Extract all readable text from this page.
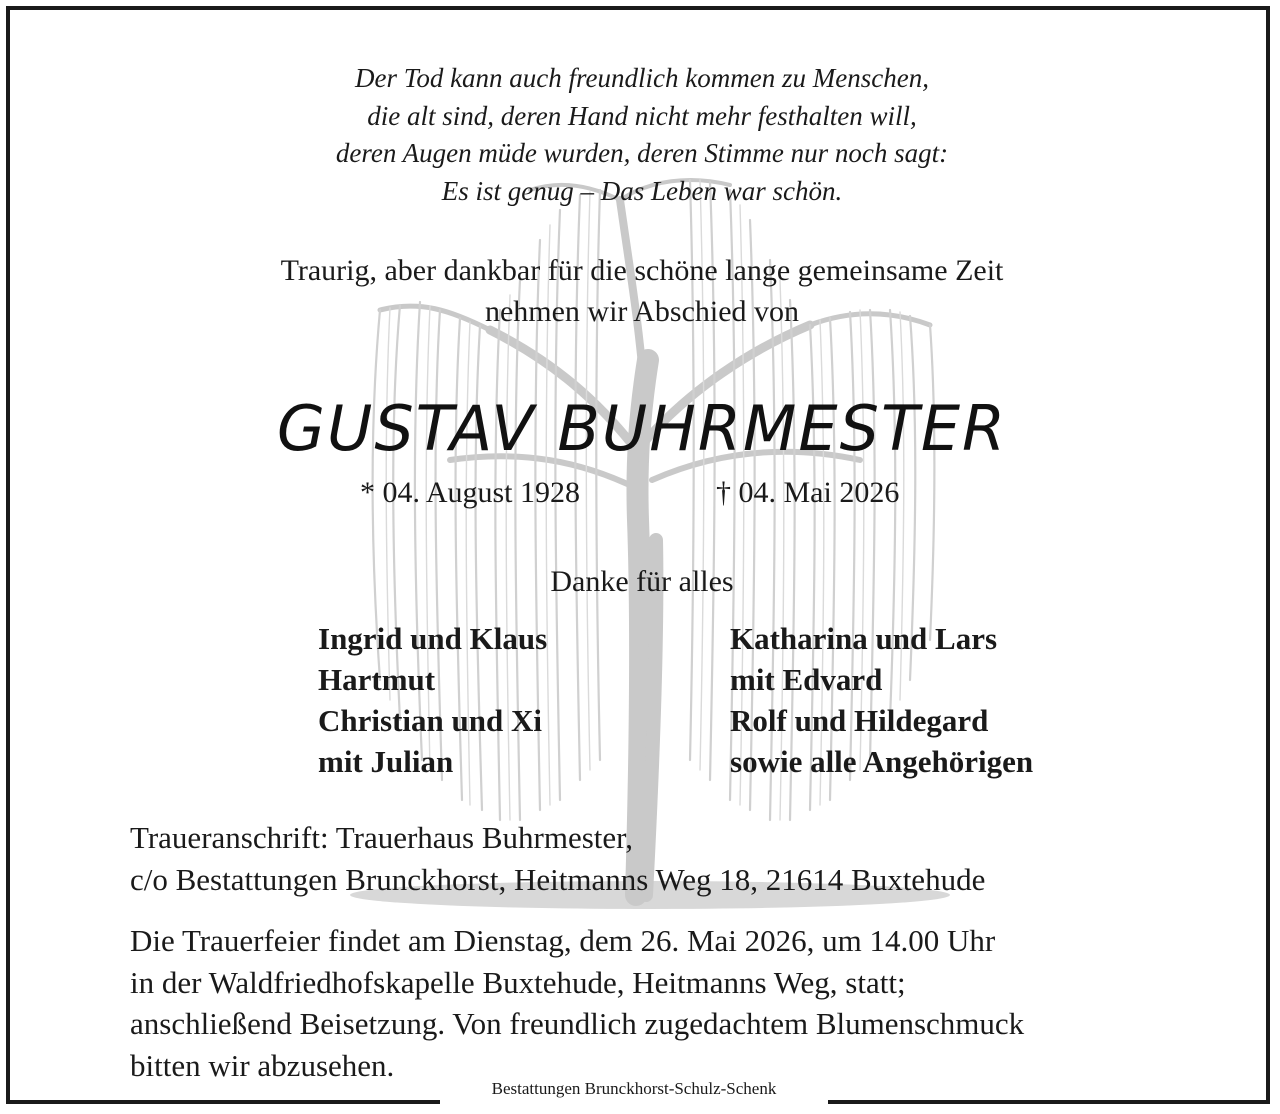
Der Tod kann auch freundlich kommen zu Menschen,
die alt sind, deren Hand nicht mehr festhalten will,
deren Augen müde wurden, deren Stimme nur noch sagt:
Es ist genug – Das Leben war schön.
Traurig, aber dankbar für die schöne lange gemeinsame Zeit
nehmen wir Abschied von
GUSTAV BUHRMESTER
* 04. August 1928	† 04. Mai 2026
Danke für alles
Ingrid und Klaus
Hartmut
Christian und Xi
mit Julian
Katharina und Lars
mit Edvard
Rolf und Hildegard
sowie alle Angehörigen
Traueranschrift: Trauerhaus Buhrmester,
c/o Bestattungen Brunckhorst, Heitmanns Weg 18, 21614 Buxtehude
Die Trauerfeier findet am Dienstag, dem 26. Mai 2026, um 14.00 Uhr
in der Waldfriedhofskapelle Buxtehude, Heitmanns Weg, statt;
anschließend Beisetzung. Von freundlich zugedachtem Blumenschmuck
bitten wir abzusehen.
Bestattungen Brunckhorst-Schulz-Schenk
